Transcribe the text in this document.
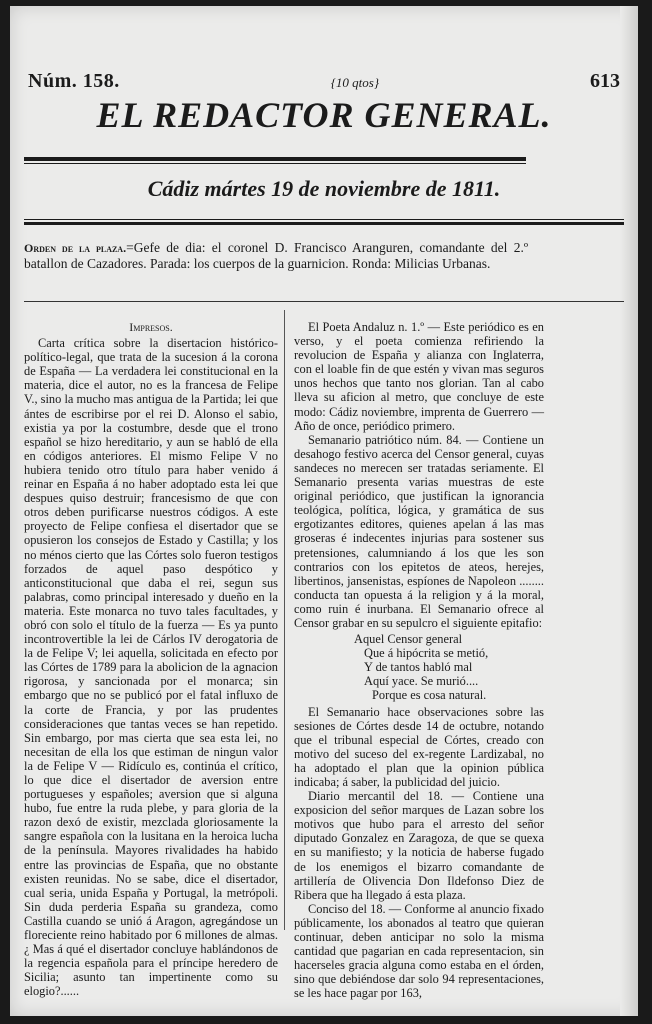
Núm. 158.	{10 qtos}	613
EL REDACTOR GENERAL.
Cádiz mártes 19 de noviembre de 1811.
Orden de la plaza.=Gefe de dia: el coronel D. Francisco Aranguren, comandante del 2.º batallon de Cazadores. Parada: los cuerpos de la guarnicion. Ronda: Milicias Urbanas.

Impresos.

Carta crítica sobre la disertacion histórico-político-legal, que trata de la sucesion á la corona de España — La verdadera lei constitucional en la materia, dice el autor, no es la francesa de Felipe V., sino la mucho mas antigua de la Partida; lei que ántes de escribirse por el rei D. Alonso el sabio, existia ya por la costumbre, desde que el trono español se hizo hereditario, y aun se habló de ella en códigos anteriores. El mismo Felipe V no hubiera tenido otro título para haber venido á reinar en España á no haber adoptado esta lei que despues quiso destruir; francesismo de que con otros deben purificarse nuestros códigos. A este proyecto de Felipe confiesa el disertador que se opusieron los consejos de Estado y Castilla; y los no ménos cierto que las Córtes solo fueron testigos forzados de aquel paso despótico y anticonstitucional que daba el rei, segun sus palabras, como principal interesado y dueño en la materia. Este monarca no tuvo tales facultades, y obró con solo el título de la fuerza — Es ya punto incontrovertible la lei de Cárlos IV derogatoria de la de Felipe V; lei aquella, solicitada en efecto por las Córtes de 1789 para la abolicion de la agnacion rigorosa, y sancionada por el monarca; sin embargo que no se publicó por el fatal influxo de la corte de Francia, y por las prudentes consideraciones que tantas veces se han repetido. Sin embargo, por mas cierta que sea esta lei, no necesitan de ella los que estiman de ningun valor la de Felipe V — Ridículo es, continúa el crítico, lo que dice el disertador de aversion entre portugueses y españoles; aversion que si alguna hubo, fue entre la ruda plebe, y para gloria de la razon dexó de existir, mezclada gloriosamente la sangre española con la lusitana en la heroica lucha de la península. Mayores rivalidades ha habido entre las provincias de España, que no obstante existen reunidas. No se sabe, dice el disertador, cual seria, unida España y Portugal, la metrópoli. Sin duda perderia España su grandeza, como Castilla cuando se unió á Aragon, agregándose un floreciente reino habitado por 6 millones de almas. ¿ Mas á qué el disertador concluye hablándonos de la regencia española para el príncipe heredero de Sicilia; asunto tan impertinente como su elogio?......

El Poeta Andaluz n. 1.º — Este periódico es en verso, y el poeta comienza refiriendo la revolucion de España y alianza con Inglaterra, con el loable fin de que estén y vivan mas seguros unos hechos que tanto nos glorian. Tan al cabo lleva su aficion al metro, que concluye de este modo: Cádiz noviembre, imprenta de Guerrero — Año de once, periódico primero.

Semanario patriótico núm. 84. — Contiene un desahogo festivo acerca del Censor general, cuyas sandeces no merecen ser tratadas seriamente. El Semanario presenta varias muestras de este original periódico, que justifican la ignorancia teológica, política, lógica, y gramática de sus ergotizantes editores, quienes apelan á las mas groseras é indecentes injurias para sostener sus pretensiones, calumniando á los que les son contrarios con los epitetos de ateos, herejes, libertinos, jansenistas, espíones de Napoleon ........ conducta tan opuesta á la religion y á la moral, como ruin é inurbana. El Semanario ofrece al Censor grabar en su sepulcro el siguiente epitafio:

Aquel Censor general
Que á hipócrita se metió,
Y de tantos habló mal
Aquí yace. Se murió....
Porque es cosa natural.

El Semanario hace observaciones sobre las sesiones de Córtes desde 14 de octubre, notando que el tribunal especial de Córtes, creado con motivo del suceso del ex-regente Lardizabal, no ha adoptado el plan que la opinion pública indicaba; á saber, la publicidad del juicio.

Diario mercantil del 18. — Contiene una exposicion del señor marques de Lazan sobre los motivos que hubo para el arresto del señor diputado Gonzalez en Zaragoza, de que se quexa en su manifiesto; y la noticia de haberse fugado de los enemigos el bizarro comandante de artillería de Olivencia Don Ildefonso Diez de Ribera que ha llegado á esta plaza.

Conciso del 18. — Conforme al anuncio fixado públicamente, los abonados al teatro que quieran continuar, deben anticipar no solo la misma cantidad que pagarian en cada representacion, sin hacerseles gracia alguna como estaba en el órden, sino que debiéndose dar solo 94 representaciones, se les hace pagar por 163,
